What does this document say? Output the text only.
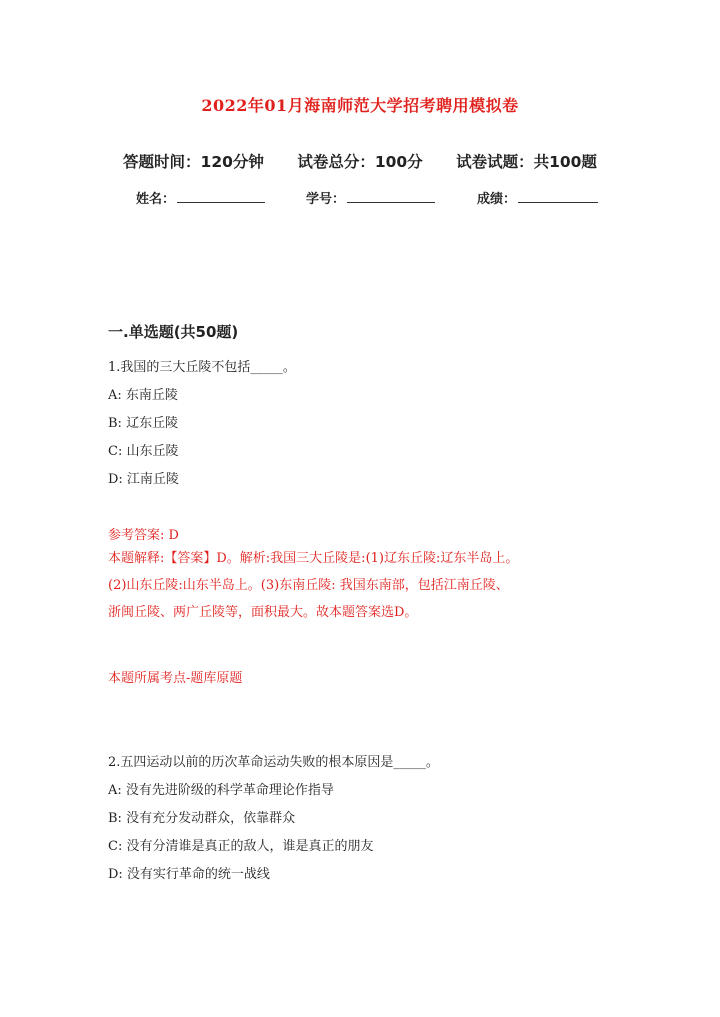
2022年01月海南师范大学招考聘用模拟卷
答题时间：120分钟 试卷总分：100分 试卷试题：共100题
姓名：	学号：	成绩：
一.单选题(共50题)
1.我国的三大丘陵不包括_____。
A: 东南丘陵
B: 辽东丘陵
C: 山东丘陵
D: 江南丘陵
参考答案: D
本题解释:【答案】D。解析:我国三大丘陵是:(1)辽东丘陵:辽东半岛上。
(2)山东丘陵:山东半岛上。(3)东南丘陵: 我国东南部，包括江南丘陵、
浙闽丘陵、两广丘陵等，面积最大。故本题答案选D。
本题所属考点-题库原题
2.五四运动以前的历次革命运动失败的根本原因是_____。
A: 没有先进阶级的科学革命理论作指导
B: 没有充分发动群众，依靠群众
C: 没有分清谁是真正的敌人，谁是真正的朋友
D: 没有实行革命的统一战线
